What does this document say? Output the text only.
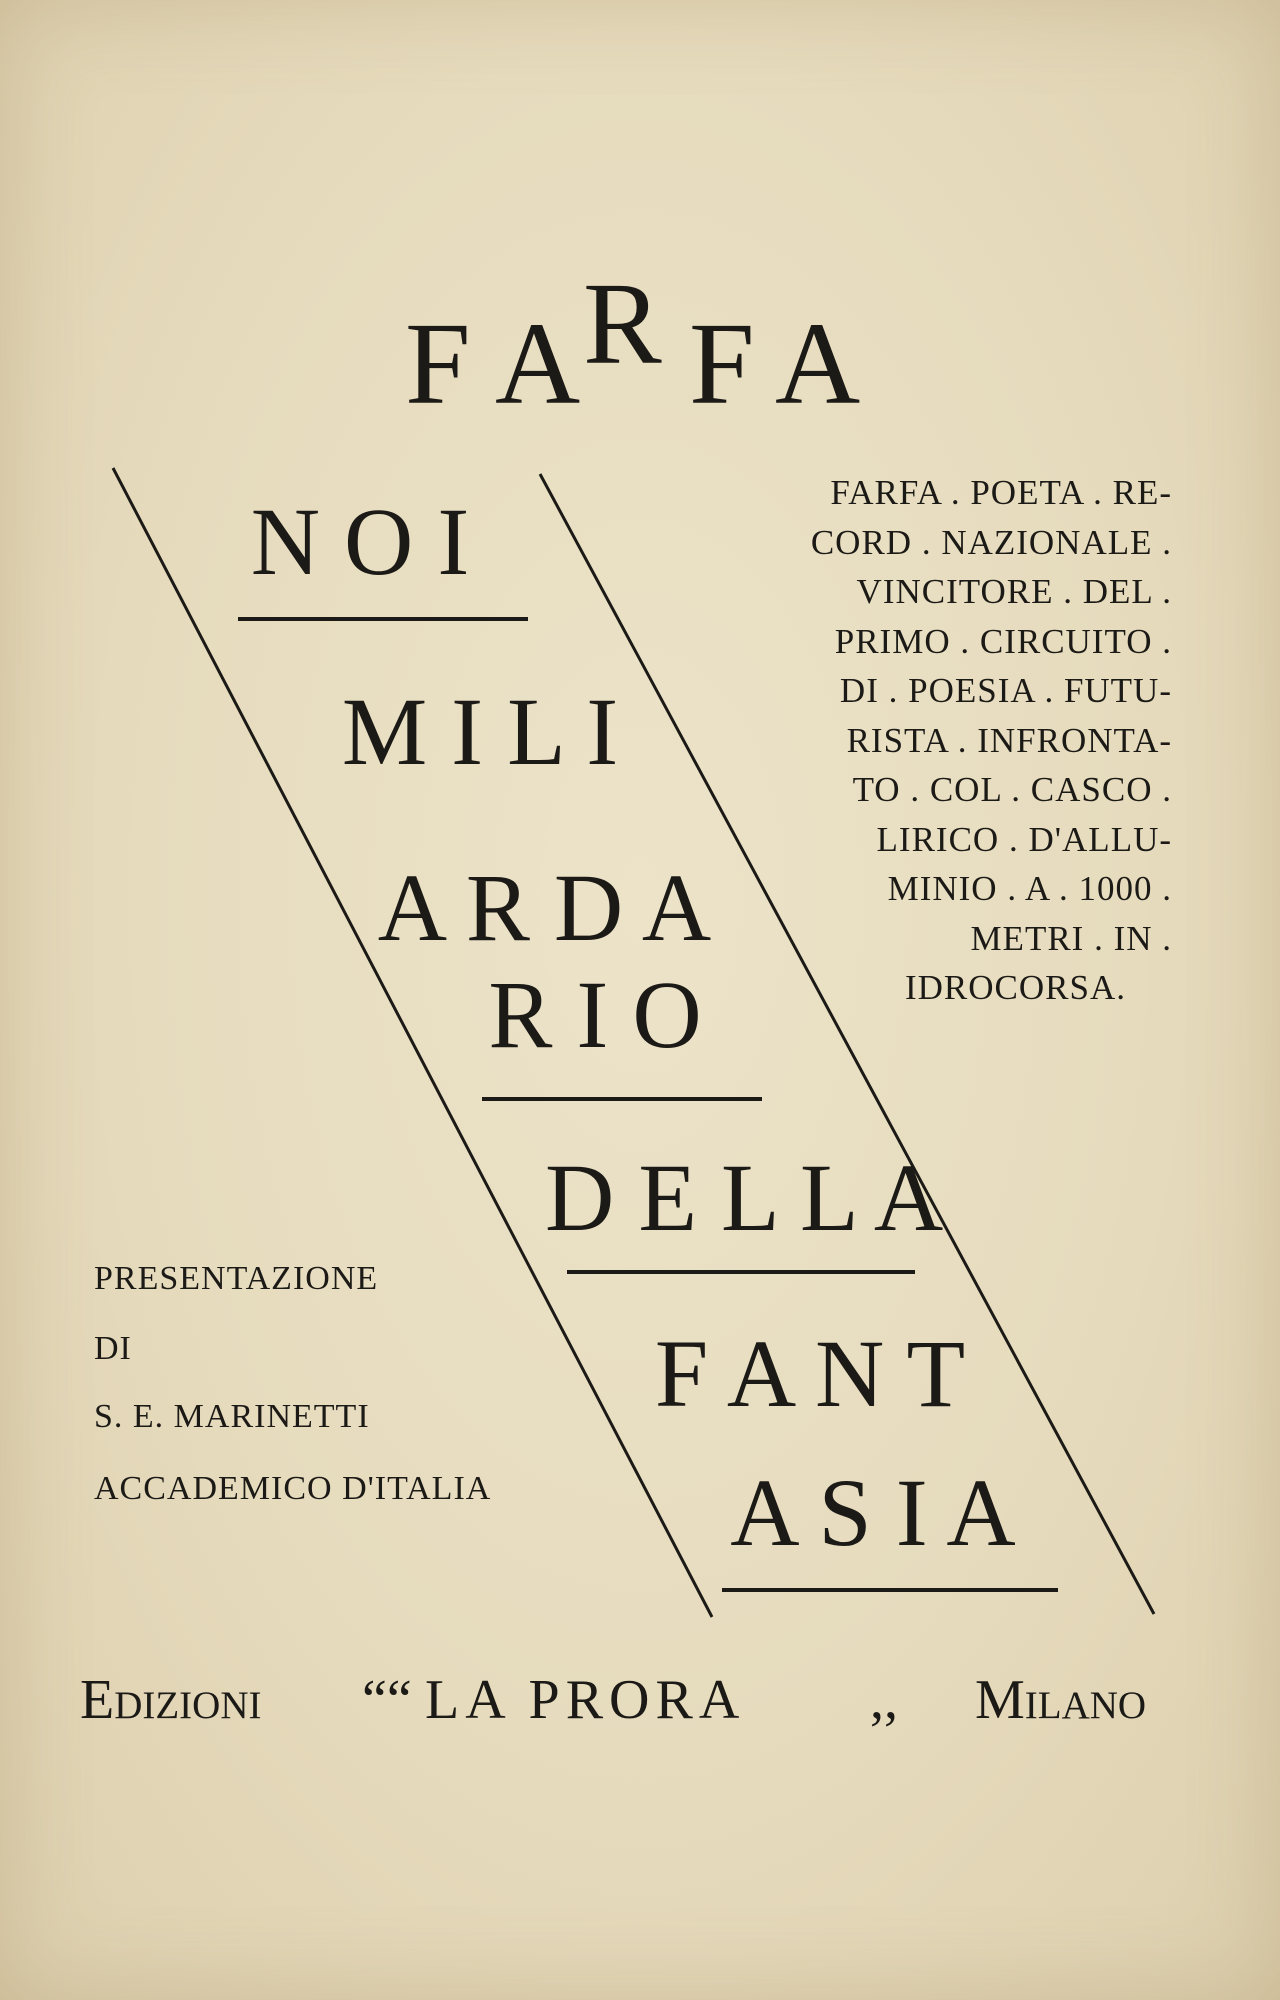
F A R F A
N O I
M I L I
A R D A
R I O
D E L L A
F A N T
A S I A
FARFA . POETA . RE-
CORD . NAZIONALE .
VINCITORE . DEL .
PRIMO . CIRCUITO .
DI . POESIA . FUTU-
RISTA . INFRONTA-
TO . COL . CASCO .
LIRICO . D'ALLU-
MINIO . A . 1000 .
METRI . IN .
IDROCORSA.
PRESENTAZIONE
DI
S. E. MARINETTI
ACCADEMICO D'ITALIA
Edizioni ““ LA PRORA ,, Milano
